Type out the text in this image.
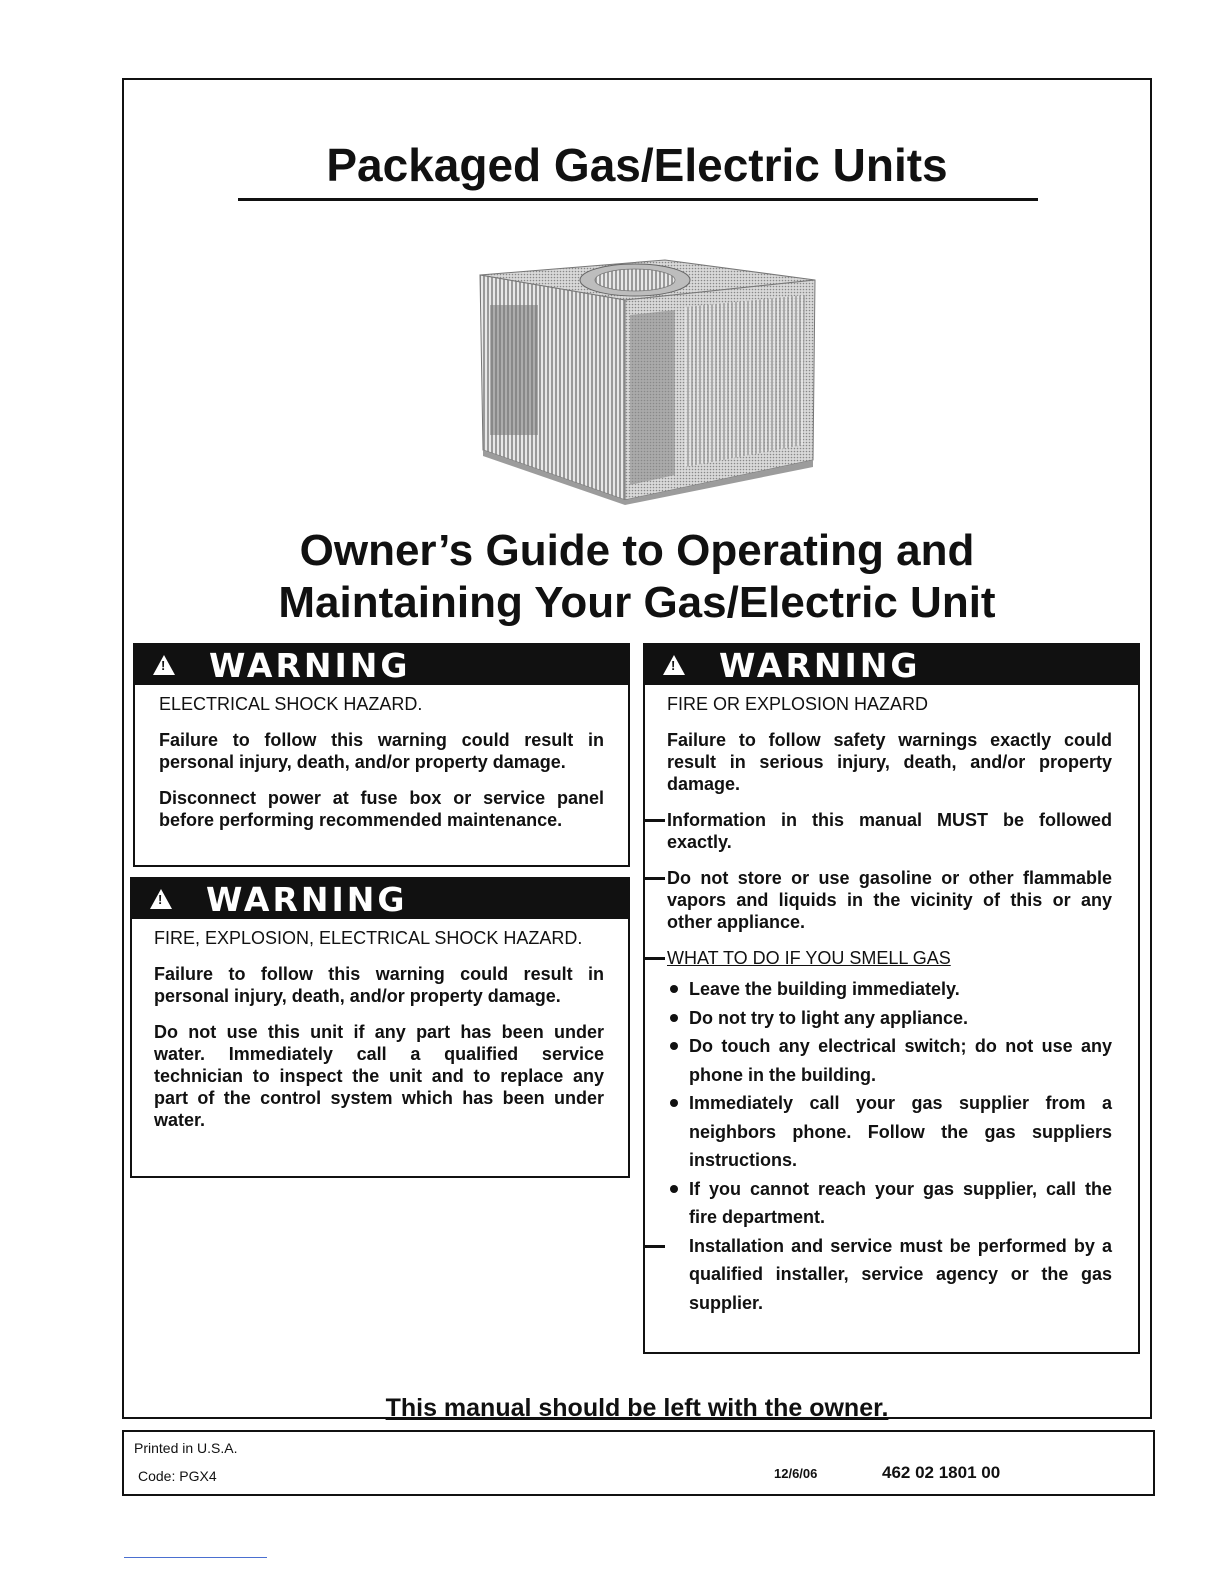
Packaged Gas/Electric Units
Owner’s Guide to Operating and
Maintaining Your Gas/Electric Unit
!
WARNING

ELECTRICAL SHOCK HAZARD.

Failure to follow this warning could result in personal injury, death, and/or property damage.

Disconnect power at fuse box or service panel before performing recommended maintenance.

!
WARNING

FIRE, EXPLOSION, ELECTRICAL SHOCK HAZARD.

Failure to follow this warning could result in personal injury, death, and/or property damage.

Do not use this unit if any part has been under water. Immediately call a qualified service technician to inspect the unit and to replace any part of the control system which has been under water.

!
WARNING

FIRE OR EXPLOSION HAZARD

Failure to follow safety warnings exactly could result in serious injury, death, and/or property damage.

Information in this manual MUST be followed exactly.

Do not store or use gasoline or other flammable vapors and liquids in the vicinity of this or any other appliance.

WHAT TO DO IF YOU SMELL GAS

Leave the building immediately.
Do not try to light any appliance.
Do touch any electrical switch; do not use any phone in the building.
Immediately call your gas supplier from a neighbors phone. Follow the gas suppliers instructions.
If you cannot reach your gas supplier, call the fire department.
Installation and service must be performed by a qualified installer, service agency or the gas supplier.
This manual should be left with the owner.
Printed in U.S.A.
Code: PGX4	12/6/06	462 02 1801 00
